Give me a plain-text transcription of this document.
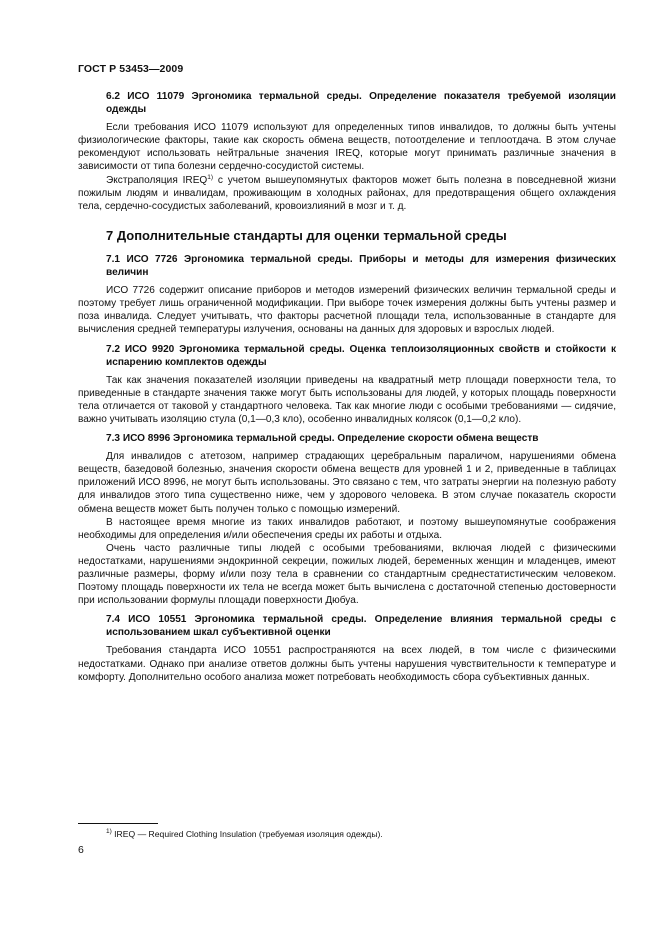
ГОСТ Р 53453—2009

6.2 ИСО 11079 Эргономика термальной среды. Определение показателя требуемой изоляции одежды

Если требования ИСО 11079 используют для определенных типов инвалидов, то должны быть учтены физиологические факторы, такие как скорость обмена веществ, потоотделение и теплоотдача. В этом случае рекомендуют использовать нейтральные значения IREQ, которые могут принимать различные значения в зависимости от типа болезни сердечно-сосудистой системы.

Экстраполяция IREQ$^{1)}$ с учетом вышеупомянутых факторов может быть полезна в повседневной жизни пожилым людям и инвалидам, проживающим в холодных районах, для предотвращения общего охлаждения тела, сердечно-сосудистых заболеваний, кровоизлияний в мозг и т. д.

7 Дополнительные стандарты для оценки термальной среды

7.1 ИСО 7726 Эргономика термальной среды. Приборы и методы для измерения физических величин

ИСО 7726 содержит описание приборов и методов измерений физических величин термальной среды и поэтому требует лишь ограниченной модификации. При выборе точек измерения должны быть учтены размер и поза инвалида. Следует учитывать, что факторы расчетной площади тела, использованные в стандарте для вычисления средней температуры излучения, основаны на данных для здоровых и взрослых людей.

7.2 ИСО 9920 Эргономика термальной среды. Оценка теплоизоляционных свойств и стойкости к испарению комплектов одежды

Так как значения показателей изоляции приведены на квадратный метр площади поверхности тела, то приведенные в стандарте значения также могут быть использованы для людей, у которых площадь поверхности тела отличается от таковой у стандартного человека. Так как многие люди с особыми требованиями — сидячие, важно учитывать изоляцию стула (0,1—0,3 кло), особенно инвалидных колясок (0,1—0,2 кло).

7.3 ИСО 8996 Эргономика термальной среды. Определение скорости обмена веществ

Для инвалидов с атетозом, например страдающих церебральным параличом, нарушениями обмена веществ, базедовой болезнью, значения скорости обмена веществ для уровней 1 и 2, приведенные в таблицах приложений ИСО 8996, не могут быть использованы. Это связано с тем, что затраты энергии на полезную работу для инвалидов этого типа существенно ниже, чем у здорового человека. В этом случае показатель скорости обмена веществ может быть получен только с помощью измерений.

В настоящее время многие из таких инвалидов работают, и поэтому вышеупомянутые соображения необходимы для определения и/или обеспечения среды их работы и отдыха.

Очень часто различные типы людей с особыми требованиями, включая людей с физическими недостатками, нарушениями эндокринной секреции, пожилых людей, беременных женщин и младенцев, имеют различные размеры, форму и/или позу тела в сравнении со стандартным среднестатистическим человеком. Поэтому площадь поверхности их тела не всегда может быть вычислена с достаточной степенью достоверности при использовании формулы площади поверхности Дюбуа.

7.4 ИСО 10551 Эргономика термальной среды. Определение влияния термальной среды с использованием шкал субъективной оценки

Требования стандарта ИСО 10551 распространяются на всех людей, в том числе с физическими недостатками. Однако при анализе ответов должны быть учтены нарушения чувствительности к температуре и комфорту. Дополнительно особого анализа может потребовать необходимость сбора субъективных данных.

$^{1)}$ IREQ — Required Clothing Insulation (требуемая изоляция одежды).
6
